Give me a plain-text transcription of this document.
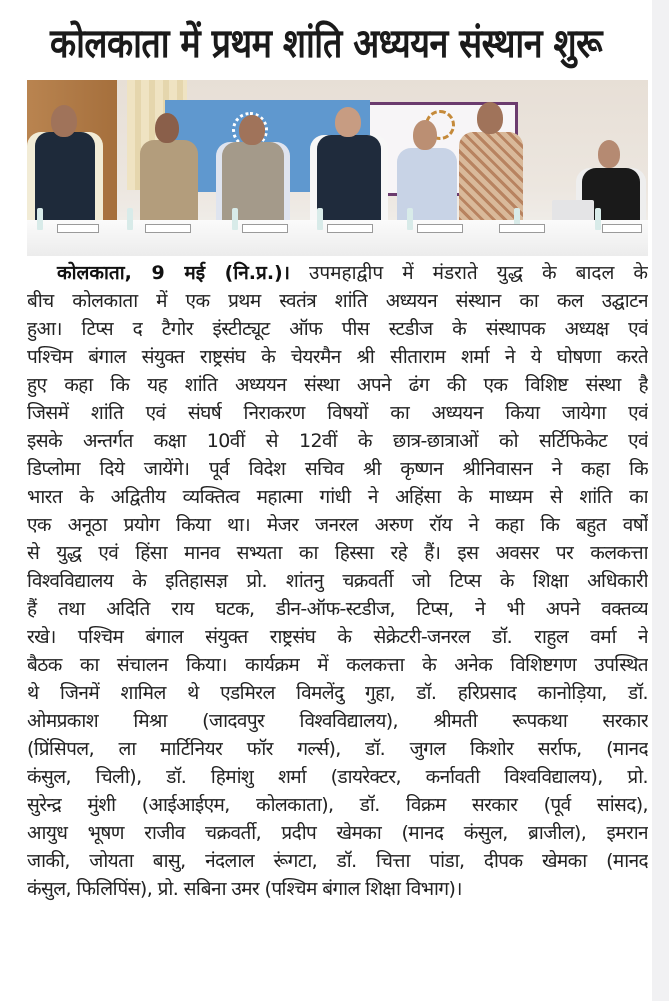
कोलकाता में प्रथम शांति अध्ययन संस्थान शुरू
कोलकाता, 9 मई (नि.प्र.)। उपमहाद्वीप में मंडराते युद्ध के बादल के
बीच कोलकाता में एक प्रथम स्वतंत्र शांति अध्ययन संस्थान का कल उद्घाटन
हुआ। टिप्स द टैगोर इंस्टीट्यूट ऑफ पीस स्टडीज के संस्थापक अध्यक्ष एवं
पश्चिम बंगाल संयुक्त राष्ट्रसंघ के चेयरमैन श्री सीताराम शर्मा ने ये घोषणा करते
हुए कहा कि यह शांति अध्ययन संस्था अपने ढंग की एक विशिष्ट संस्था है
जिसमें शांति एवं संघर्ष निराकरण विषयों का अध्ययन किया जायेगा एवं
इसके अन्तर्गत कक्षा 10वीं से 12वीं के छात्र-छात्राओं को सर्टिफिकेट एवं
डिप्लोमा दिये जायेंगे। पूर्व विदेश सचिव श्री कृष्णन श्रीनिवासन ने कहा कि
भारत के अद्वितीय व्यक्तित्व महात्मा गांधी ने अहिंसा के माध्यम से शांति का
एक अनूठा प्रयोग किया था। मेजर जनरल अरुण रॉय ने कहा कि बहुत वर्षों
से युद्ध एवं हिंसा मानव सभ्यता का हिस्सा रहे हैं। इस अवसर पर कलकत्ता
विश्वविद्यालय के इतिहासज्ञ प्रो. शांतनु चक्रवर्ती जो टिप्स के शिक्षा अधिकारी
हैं तथा अदिति राय घटक, डीन-ऑफ-स्टडीज, टिप्स, ने भी अपने वक्तव्य
रखे। पश्चिम बंगाल संयुक्त राष्ट्रसंघ के सेक्रेटरी-जनरल डॉ. राहुल वर्मा ने
बैठक का संचालन किया। कार्यक्रम में कलकत्ता के अनेक विशिष्टगण उपस्थित
थे जिनमें शामिल थे एडमिरल विमलेंदु गुहा, डॉ. हरिप्रसाद कानोड़िया, डॉ.
ओमप्रकाश मिश्रा (जादवपुर विश्वविद्यालय), श्रीमती रूपकथा सरकार
(प्रिंसिपल, ला मार्टिनियर फॉर गर्ल्स), डॉ. जुगल किशोर सर्राफ, (मानद
कंसुल, चिली), डॉ. हिमांशु शर्मा (डायरेक्टर, कर्नावती विश्वविद्यालय), प्रो.
सुरेन्द्र मुंशी (आईआईएम, कोलकाता), डॉ. विक्रम सरकार (पूर्व सांसद),
आयुध भूषण राजीव चक्रवर्ती, प्रदीप खेमका (मानद कंसुल, ब्राजील), इमरान
जाकी, जोयता बासु, नंदलाल रूंगटा, डॉ. चित्ता पांडा, दीपक खेमका (मानद
कंसुल, फिलिपिंस), प्रो. सबिना उमर (पश्चिम बंगाल शिक्षा विभाग)।
